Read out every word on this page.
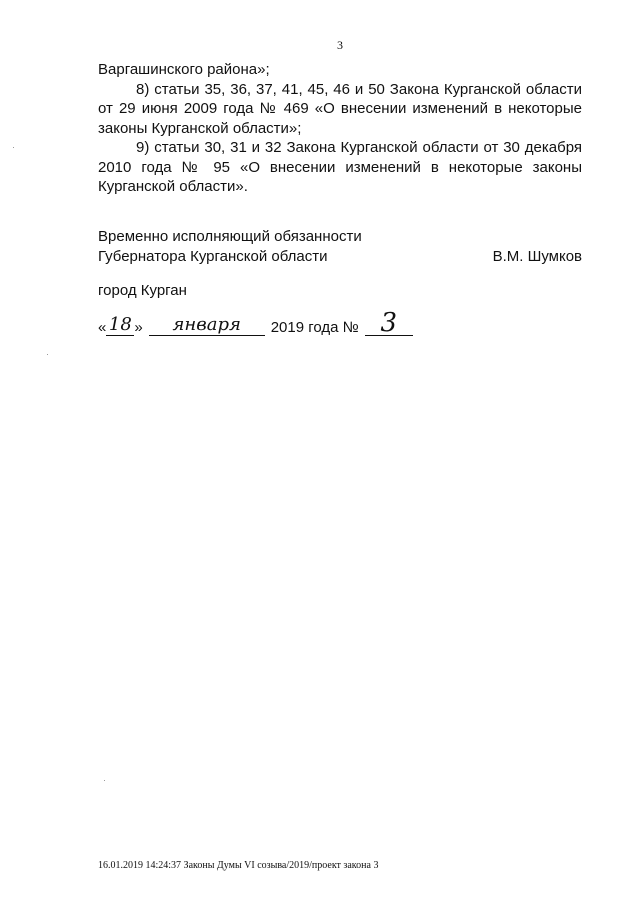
3

Варгашинского района»;

8) статьи 35, 36, 37, 41, 45, 46 и 50 Закона Курганской области от 29 июня 2009 года № 469 «О внесении изменений в некоторые законы Курганской области»;

9) статьи 30, 31 и 32 Закона Курганской области от 30 декабря 2010 года № 95 «О внесении изменений в некоторые законы Курганской области».

Временно исполняющий обязанности
Губернатора Курганской области	В.М. Шумков
город Курган
« 18 »	января	2019 года № 3
16.01.2019 14:24:37 Законы Думы VI созыва/2019/проект закона 3
